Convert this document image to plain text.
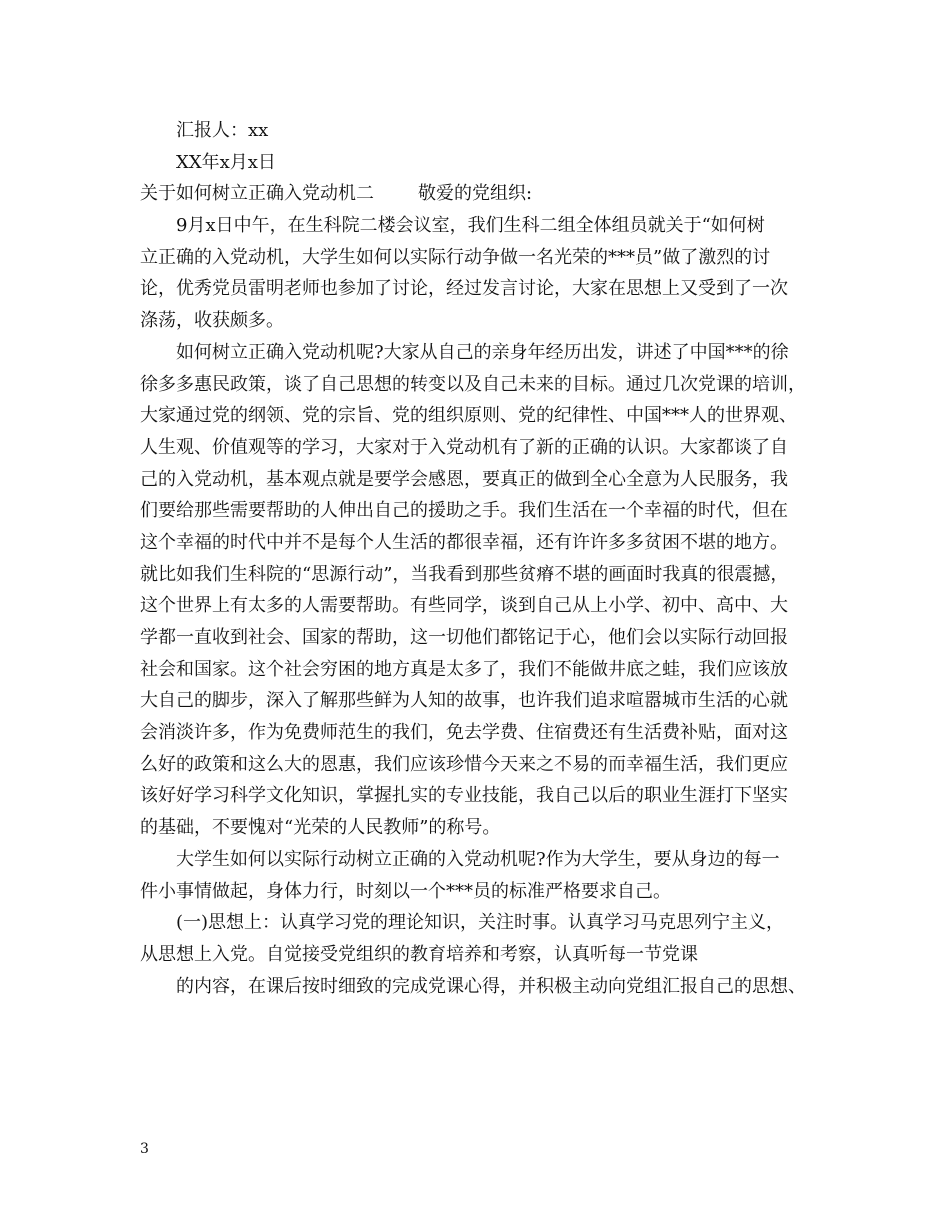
汇报人：xx
XX年x月x日
关于如何树立正确入党动机二 敬爱的党组织:
9月x日中午，在生科院二楼会议室，我们生科二组全体组员就关于“如何树
立正确的入党动机，大学生如何以实际行动争做一名光荣的***员”做了激烈的讨
论，优秀党员雷明老师也参加了讨论，经过发言讨论，大家在思想上又受到了一次
涤荡，收获颇多。
如何树立正确入党动机呢?大家从自己的亲身年经历出发，讲述了中国***的徐
徐多多惠民政策，谈了自己思想的转变以及自己未来的目标。通过几次党课的培训，
大家通过党的纲领、党的宗旨、党的组织原则、党的纪律性、中国***人的世界观、
人生观、价值观等的学习，大家对于入党动机有了新的正确的认识。大家都谈了自
己的入党动机，基本观点就是要学会感恩，要真正的做到全心全意为人民服务，我
们要给那些需要帮助的人伸出自己的援助之手。我们生活在一个幸福的时代，但在
这个幸福的时代中并不是每个人生活的都很幸福，还有许许多多贫困不堪的地方。
就比如我们生科院的“思源行动”，当我看到那些贫瘠不堪的画面时我真的很震撼，
这个世界上有太多的人需要帮助。有些同学，谈到自己从上小学、初中、高中、大
学都一直收到社会、国家的帮助，这一切他们都铭记于心，他们会以实际行动回报
社会和国家。这个社会穷困的地方真是太多了，我们不能做井底之蛙，我们应该放
大自己的脚步，深入了解那些鲜为人知的故事，也许我们追求喧嚣城市生活的心就
会消淡许多，作为免费师范生的我们，免去学费、住宿费还有生活费补贴，面对这
么好的政策和这么大的恩惠，我们应该珍惜今天来之不易的而幸福生活，我们更应
该好好学习科学文化知识，掌握扎实的专业技能，我自己以后的职业生涯打下坚实
的基础，不要愧对“光荣的人民教师”的称号。
大学生如何以实际行动树立正确的入党动机呢?作为大学生，要从身边的每一
件小事情做起，身体力行，时刻以一个***员的标准严格要求自己。
(一)思想上：认真学习党的理论知识，关注时事。认真学习马克思列宁主义，
从思想上入党。自觉接受党组织的教育培养和考察，认真听每一节党课
的内容，在课后按时细致的完成党课心得，并积极主动向党组汇报自己的思想、
3
